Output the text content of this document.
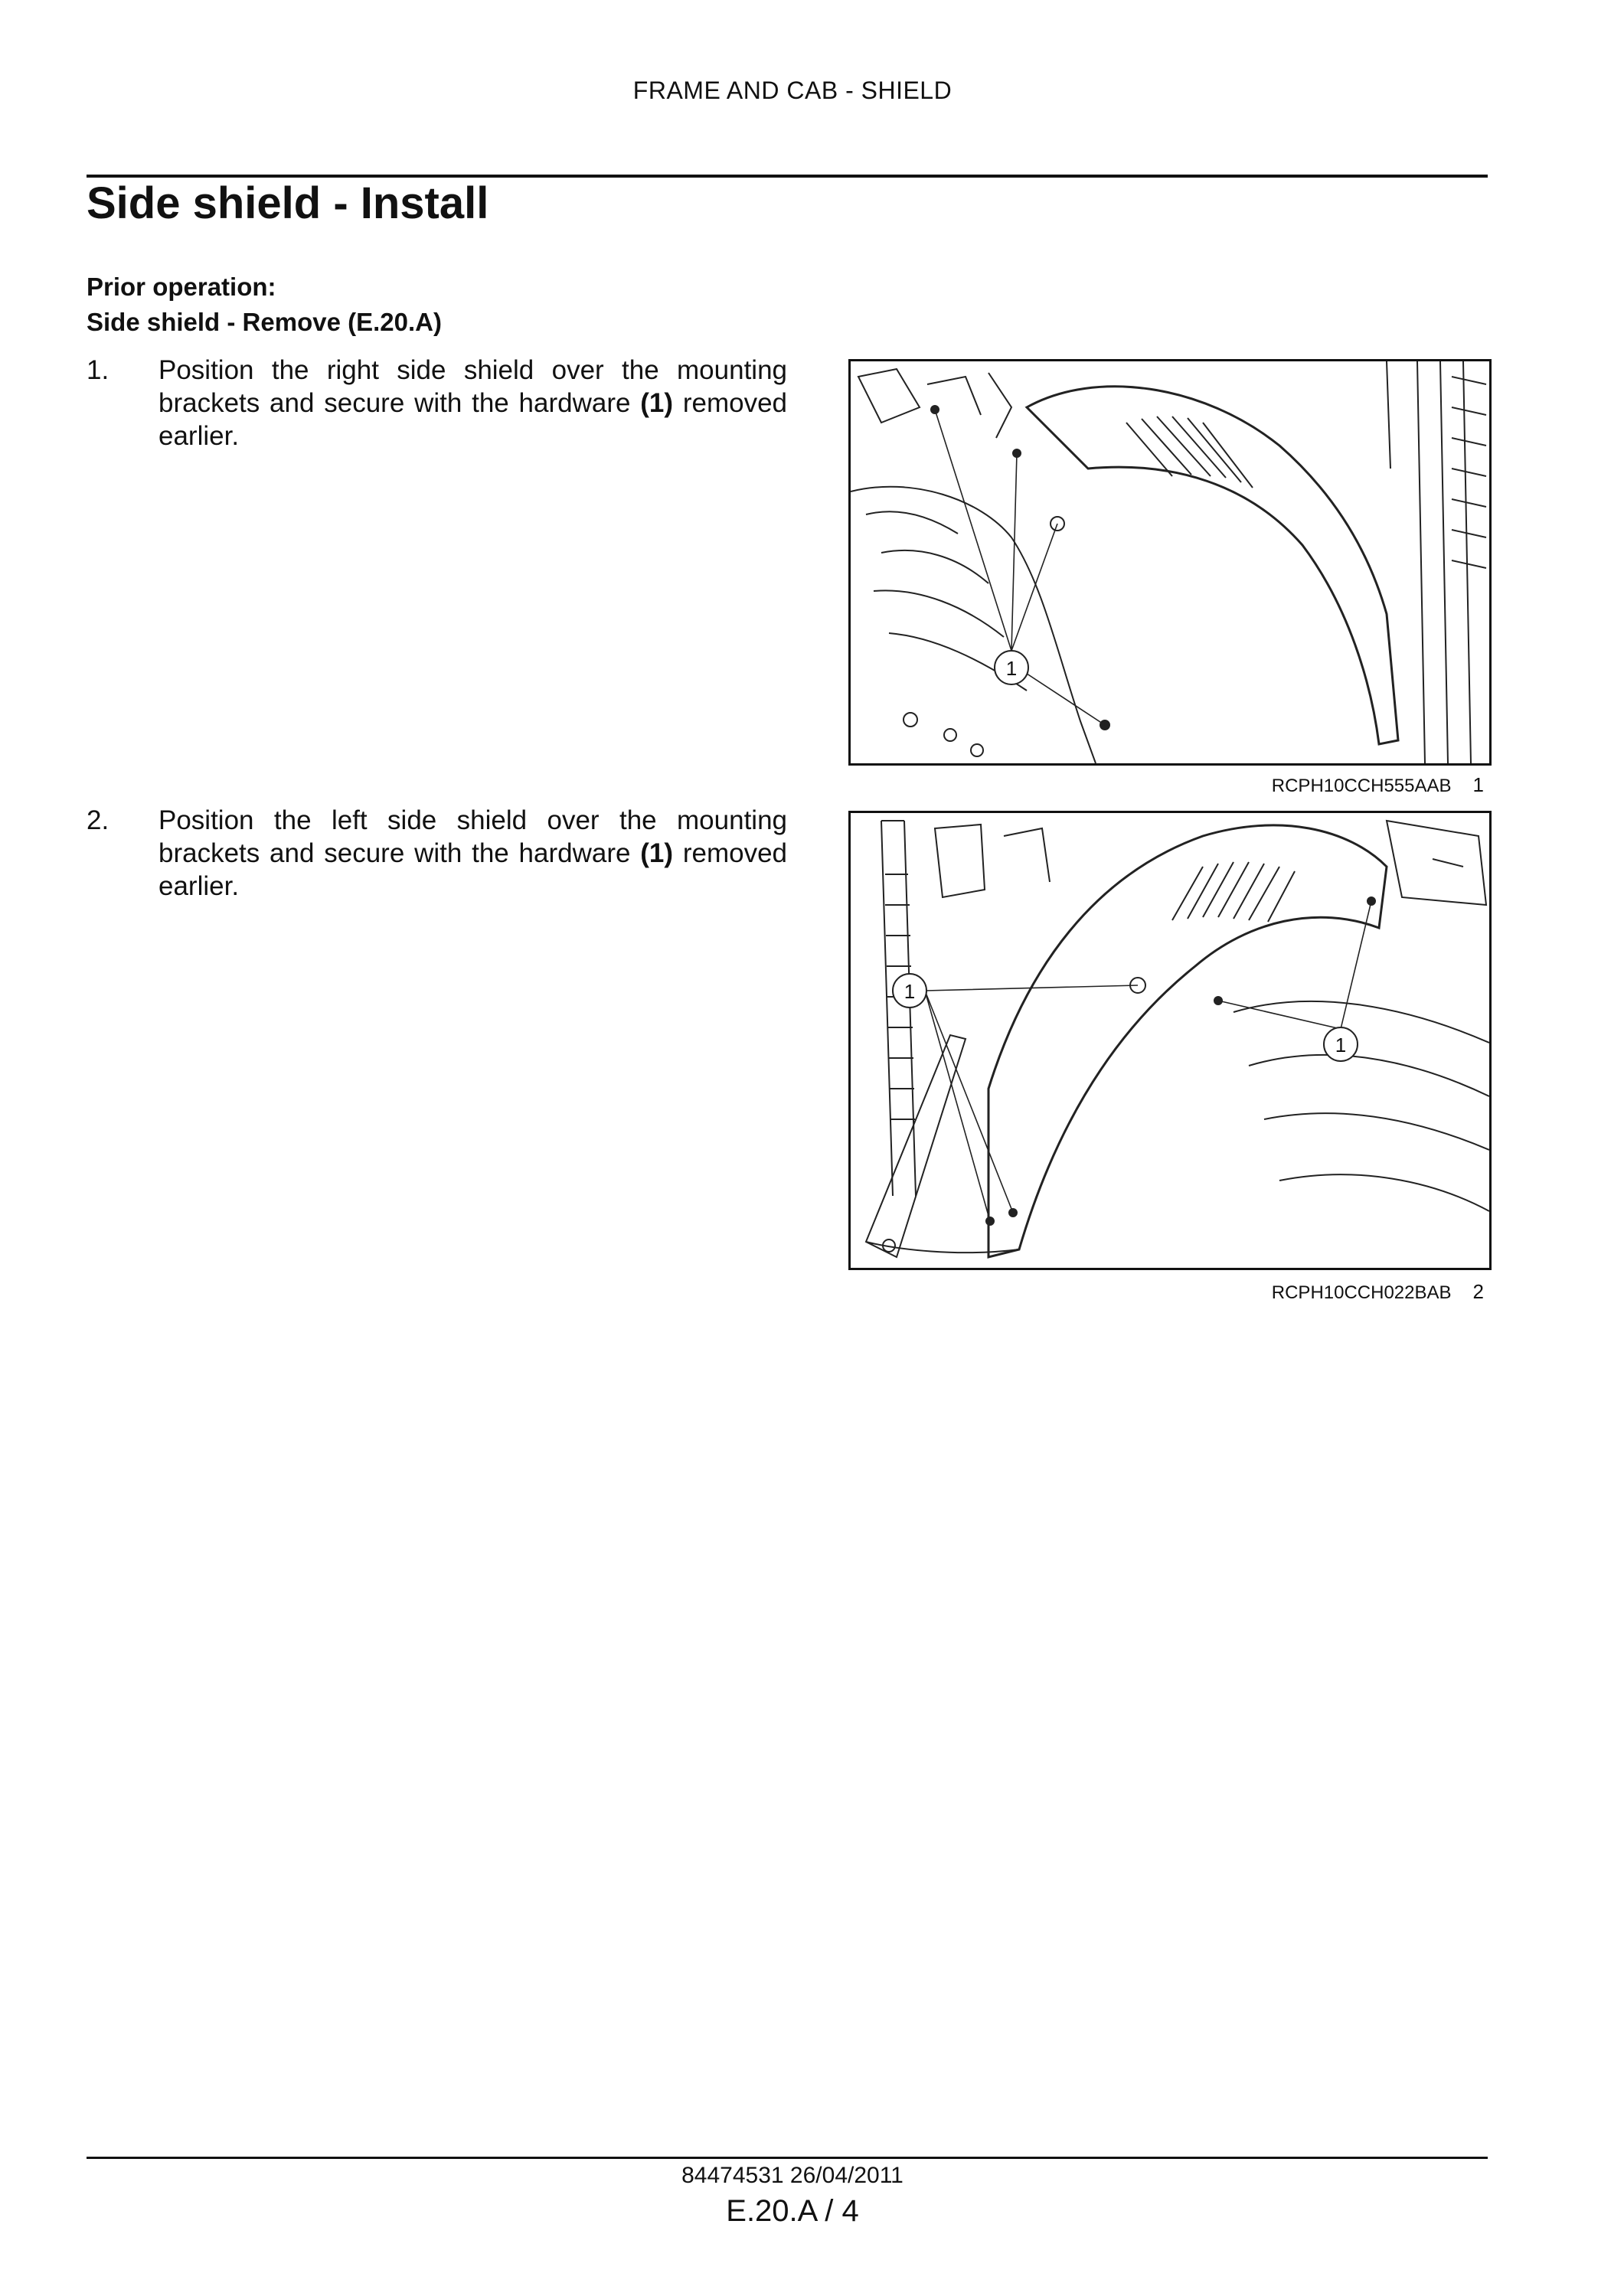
FRAME AND CAB - SHIELD
Side shield - Install
Prior operation:
Side shield - Remove (E.20.A)
1. Position the right side shield over the mounting brackets and secure with the hardware (1) removed earlier.
1
RCPH10CCH555AAB 1
2. Position the left side shield over the mounting brackets and secure with the hardware (1) removed earlier.
1
1
RCPH10CCH022BAB 2
84474531 26/04/2011
E.20.A / 4
